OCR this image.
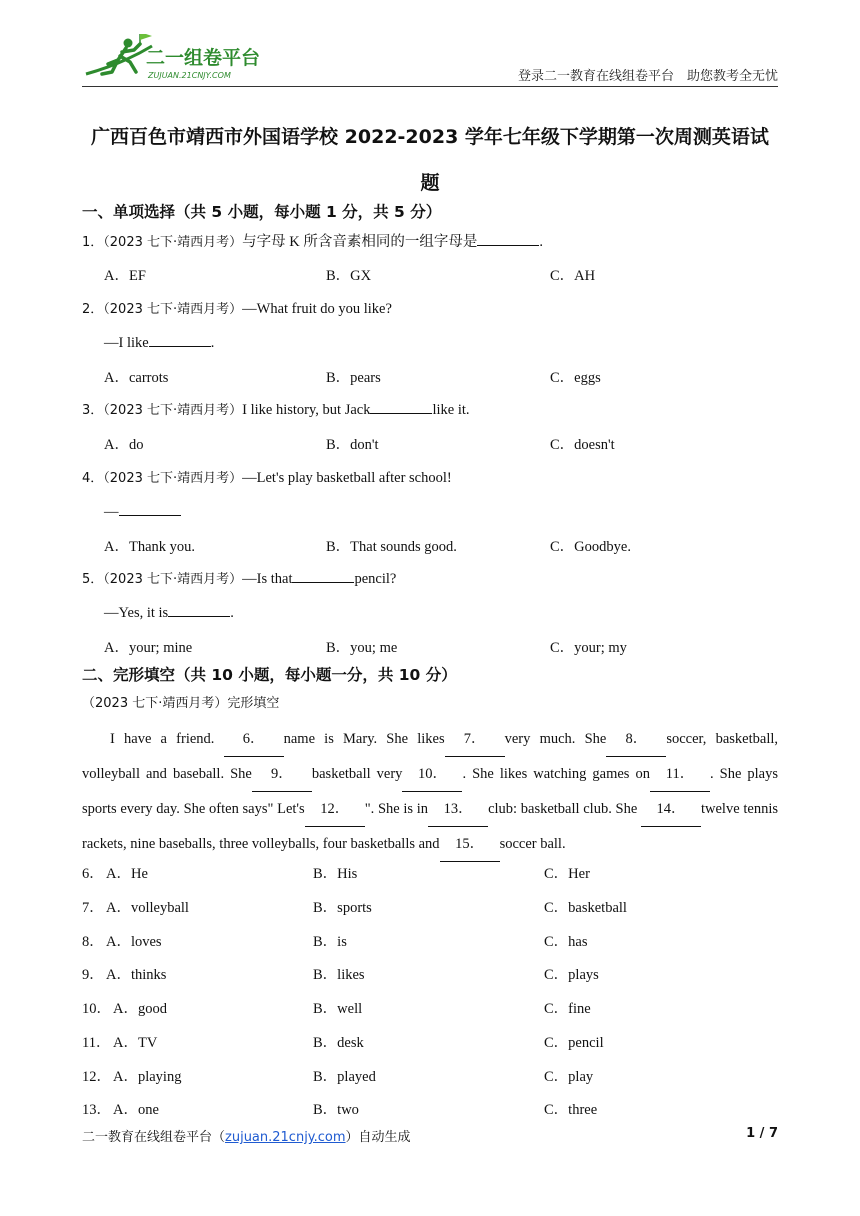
二一组卷平台
ZUJUAN.21CNJY.COM	登录二一教育在线组卷平台　助您教考全无忧
广西百色市靖西市外国语学校 2022-2023 学年七年级下学期第一次周测英语试题
一、单项选择（共 5 小题，每小题 1 分，共 5 分）
1．（2023 七下·靖西月考）与字母 K 所含音素相同的一组字母是	.
A．EF	B．GX	C．AH
2．（2023 七下·靖西月考）—What fruit do you like?
—I like	.
A．carrots	B．pears	C．eggs
3．（2023 七下·靖西月考）I like history, but Jack	like it.
A．do	B．don't	C．doesn't
4．（2023 七下·靖西月考）—Let's play basketball after school!
—
A．Thank you.	B．That sounds good.	C．Goodbye.
5．（2023 七下·靖西月考）—Is that	pencil?
—Yes, it is	.
A．your; mine	B．you; me	C．your; my
二、完形填空（共 10 小题，每小题一分，共 10 分）
（2023 七下·靖西月考）完形填空
I have a friend. 6． name is Mary. She likes 7． very much. She 8． soccer, basketball, volleyball and baseball. She 9． basketball very 10． . She likes watching games on 11． . She plays sports every day. She often says" Let's 12． ". She is in 13． club: basketball club. She 14． twelve tennis rackets, nine baseballs, three volleyballs, four basketballs and 15． soccer ball.
6． A．He	B．His	C．Her
7． A．volleyball	B．sports	C．basketball
8． A．loves	B．is	C．has
9． A．thinks	B．likes	C．plays
10． A．good	B．well	C．fine
11． A．TV	B．desk	C．pencil
12． A．playing	B．played	C．play
13． A．one	B．two	C．three
二一教育在线组卷平台（zujuan.21cnjy.com）自动生成	1 / 7
